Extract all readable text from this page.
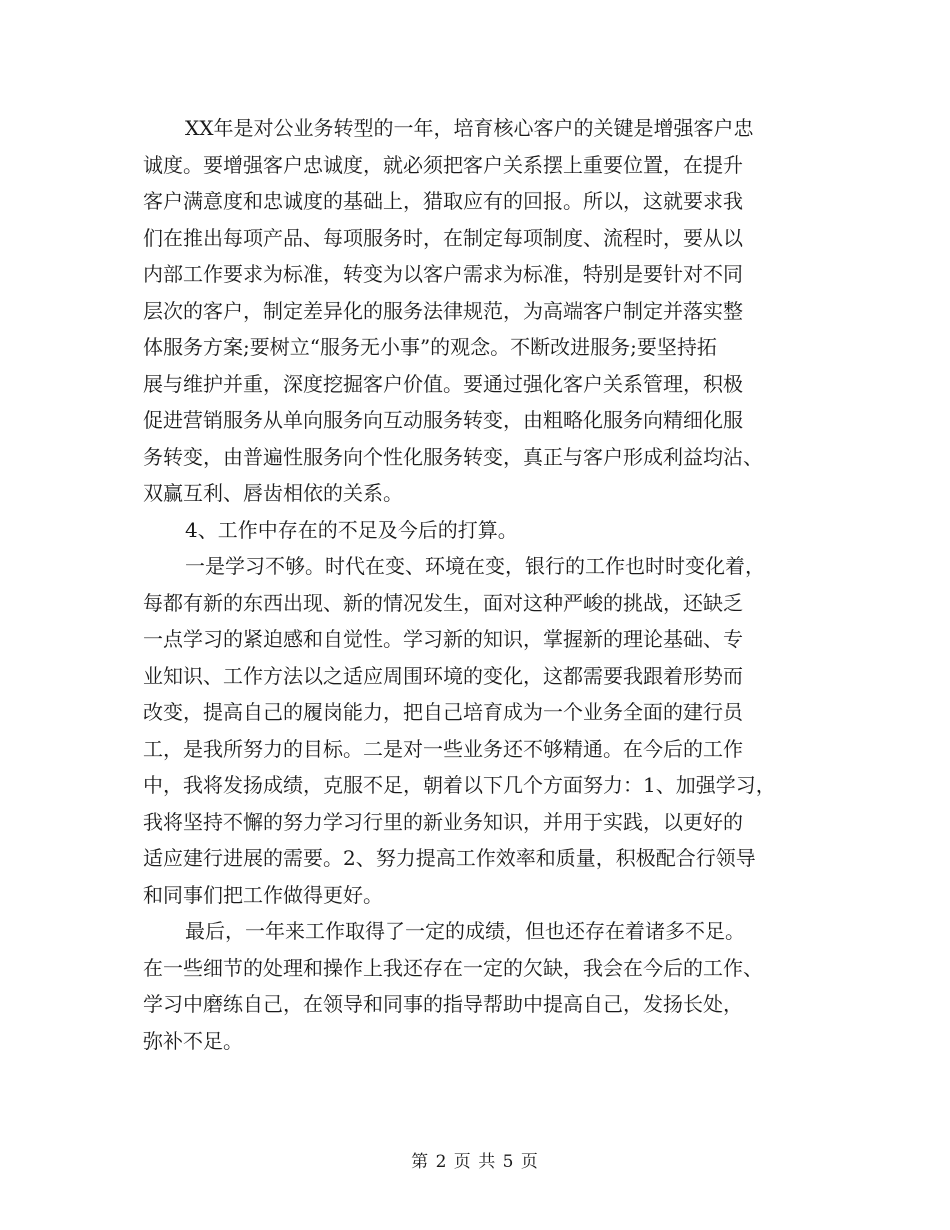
XX年是对公业务转型的一年，培育核心客户的关键是增强客户忠
诚度。要增强客户忠诚度，就必须把客户关系摆上重要位置，在提升
客户满意度和忠诚度的基础上，猎取应有的回报。所以，这就要求我
们在推出每项产品、每项服务时，在制定每项制度、流程时，要从以
内部工作要求为标准，转变为以客户需求为标准，特别是要针对不同
层次的客户，制定差异化的服务法律规范，为高端客户制定并落实整
体服务方案;要树立“服务无小事”的观念。不断改进服务;要坚持拓
展与维护并重，深度挖掘客户价值。要通过强化客户关系管理，积极
促进营销服务从单向服务向互动服务转变，由粗略化服务向精细化服
务转变，由普遍性服务向个性化服务转变，真正与客户形成利益均沾、
双赢互利、唇齿相依的关系。
4、工作中存在的不足及今后的打算。
一是学习不够。时代在变、环境在变，银行的工作也时时变化着，
每都有新的东西出现、新的情况发生，面对这种严峻的挑战，还缺乏
一点学习的紧迫感和自觉性。学习新的知识，掌握新的理论基础、专
业知识、工作方法以之适应周围环境的变化，这都需要我跟着形势而
改变，提高自己的履岗能力，把自己培育成为一个业务全面的建行员
工，是我所努力的目标。二是对一些业务还不够精通。在今后的工作
中，我将发扬成绩，克服不足，朝着以下几个方面努力：1、加强学习，
我将坚持不懈的努力学习行里的新业务知识，并用于实践，以更好的
适应建行进展的需要。2、努力提高工作效率和质量，积极配合行领导
和同事们把工作做得更好。
最后，一年来工作取得了一定的成绩，但也还存在着诸多不足。
在一些细节的处理和操作上我还存在一定的欠缺，我会在今后的工作、
学习中磨练自己，在领导和同事的指导帮助中提高自己，发扬长处，
弥补不足。
第 2 页 共 5 页
